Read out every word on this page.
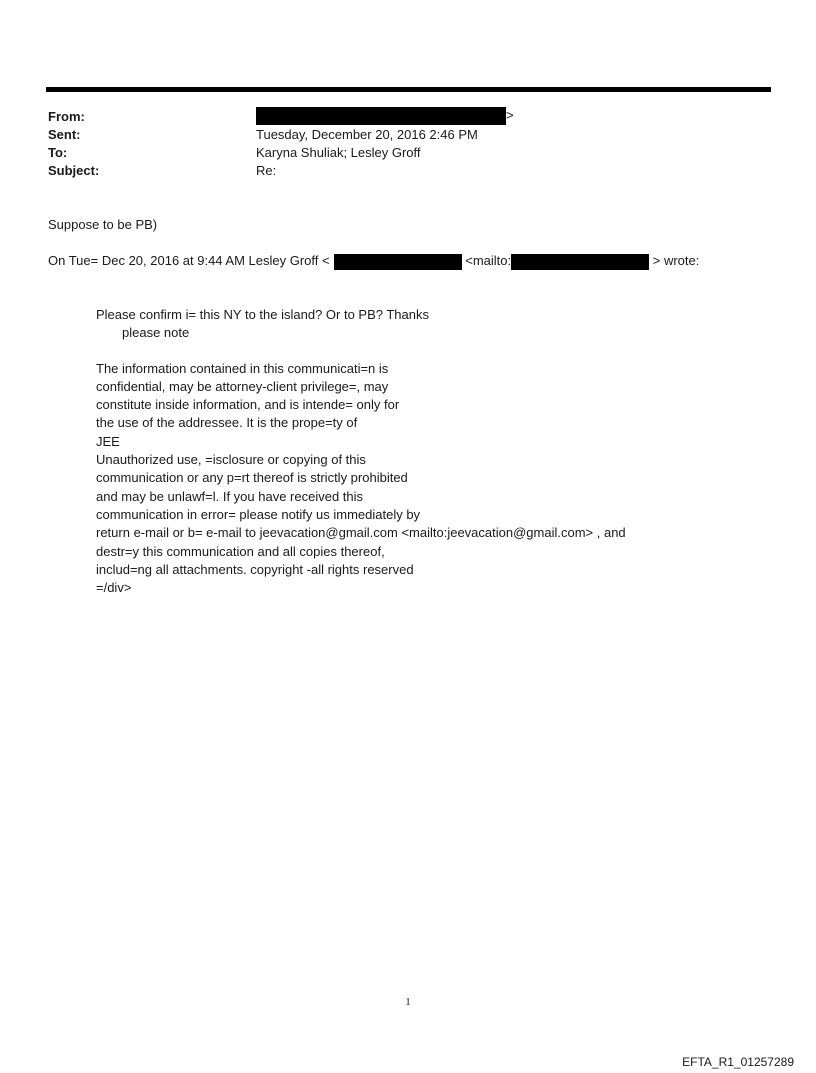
From:	>
Sent:	Tuesday, December 20, 2016 2:46 PM
To:	Karyna Shuliak; Lesley Groff
Subject:	Re:
Suppose to be PB)
On Tue= Dec 20, 2016 at 9:44 AM Lesley Groff <	<mailto:	> wrote:
Please confirm i= this NY to the island? Or to PB? Thanks
please note
The information contained in this communicati=n is
confidential, may be attorney-client privilege=, may
constitute inside information, and is intende= only for
the use of the addressee. It is the prope=ty of
JEE
Unauthorized use, =isclosure or copying of this
communication or any p=rt thereof is strictly prohibited
and may be unlawf=l. If you have received this
communication in error= please notify us immediately by
return e-mail or b= e-mail to jeevacation@gmail.com <mailto:jeevacation@gmail.com> , and
destr=y this communication and all copies thereof,
includ=ng all attachments. copyright -all rights reserved
=/div>
1
EFTA_R1_01257289
